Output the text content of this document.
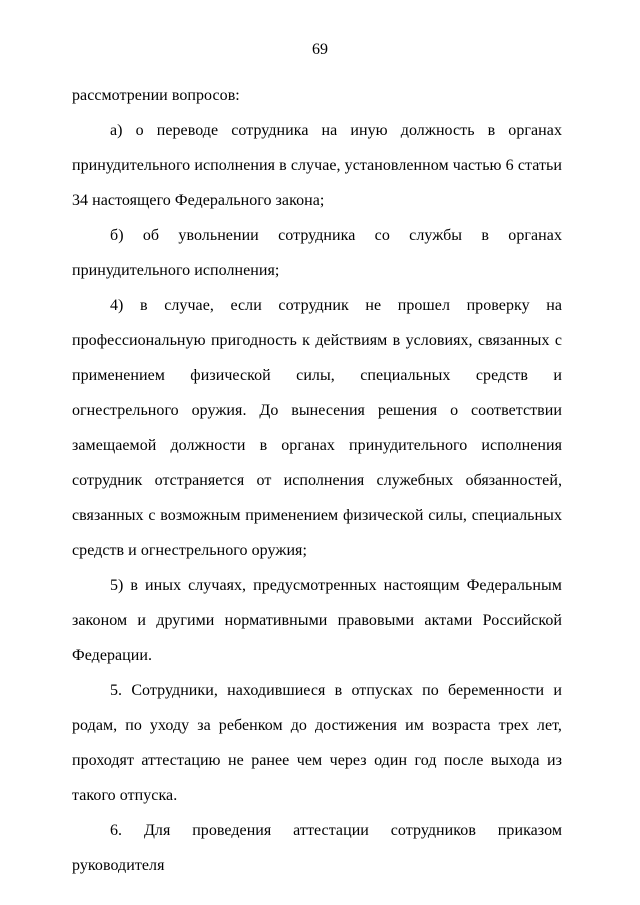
69

рассмотрении вопросов:

а) о переводе сотрудника на иную должность в органах принудительного исполнения в случае, установленном частью 6 статьи 34 настоящего Федерального закона;

б) об увольнении сотрудника со службы в органах принудительного исполнения;

4) в случае, если сотрудник не прошел проверку на профессиональную пригодность к действиям в условиях, связанных с применением физической силы, специальных средств и огнестрельного оружия. До вынесения решения о соответствии замещаемой должности в органах принудительного исполнения сотрудник отстраняется от исполнения служебных обязанностей, связанных с возможным применением физической силы, специальных средств и огнестрельного оружия;

5) в иных случаях, предусмотренных настоящим Федеральным законом и другими нормативными правовыми актами Российской Федерации.

5. Сотрудники, находившиеся в отпусках по беременности и родам, по уходу за ребенком до достижения им возраста трех лет, проходят аттестацию не ранее чем через один год после выхода из такого отпуска.

6. Для проведения аттестации сотрудников приказом руководителя
